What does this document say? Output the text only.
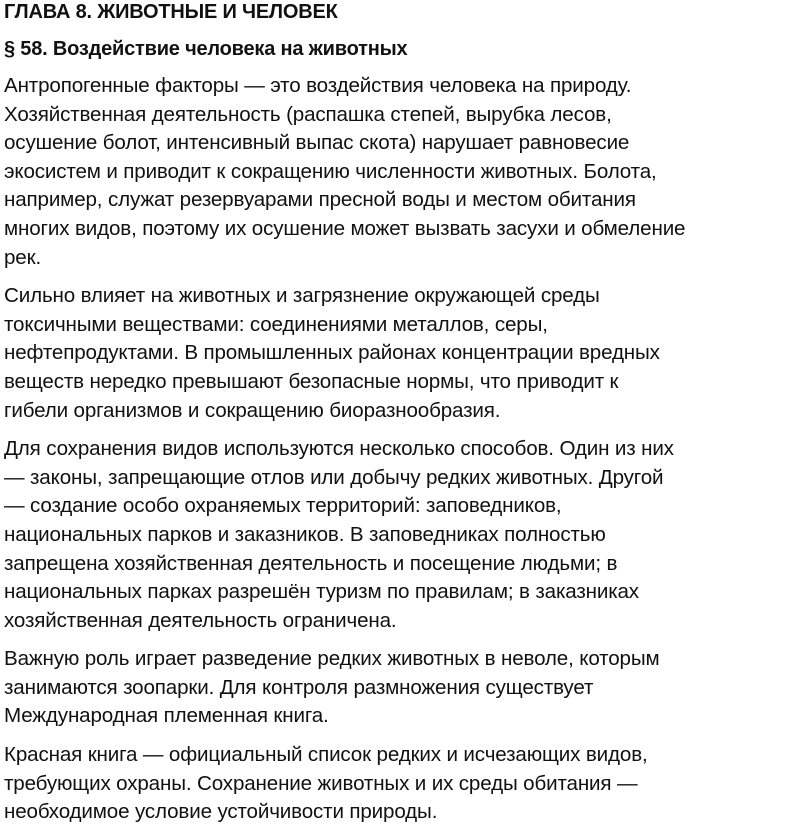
ГЛАВА 8. ЖИВОТНЫЕ И ЧЕЛОВЕК
§ 58. Воздействие человека на животных

Антропогенные факторы — это воздействия человека на природу.
Хозяйственная деятельность (распашка степей, вырубка лесов,
осушение болот, интенсивный выпас скота) нарушает равновесие
экосистем и приводит к сокращению численности животных. Болота,
например, служат резервуарами пресной воды и местом обитания
многих видов, поэтому их осушение может вызвать засухи и обмеление
рек.

Сильно влияет на животных и загрязнение окружающей среды
токсичными веществами: соединениями металлов, серы,
нефтепродуктами. В промышленных районах концентрации вредных
веществ нередко превышают безопасные нормы, что приводит к
гибели организмов и сокращению биоразнообразия.

Для сохранения видов используются несколько способов. Один из них
— законы, запрещающие отлов или добычу редких животных. Другой
— создание особо охраняемых территорий: заповедников,
национальных парков и заказников. В заповедниках полностью
запрещена хозяйственная деятельность и посещение людьми; в
национальных парках разрешён туризм по правилам; в заказниках
хозяйственная деятельность ограничена.

Важную роль играет разведение редких животных в неволе, которым
занимаются зоопарки. Для контроля размножения существует
Международная племенная книга.

Красная книга — официальный список редких и исчезающих видов,
требующих охраны. Сохранение животных и их среды обитания —
необходимое условие устойчивости природы.
